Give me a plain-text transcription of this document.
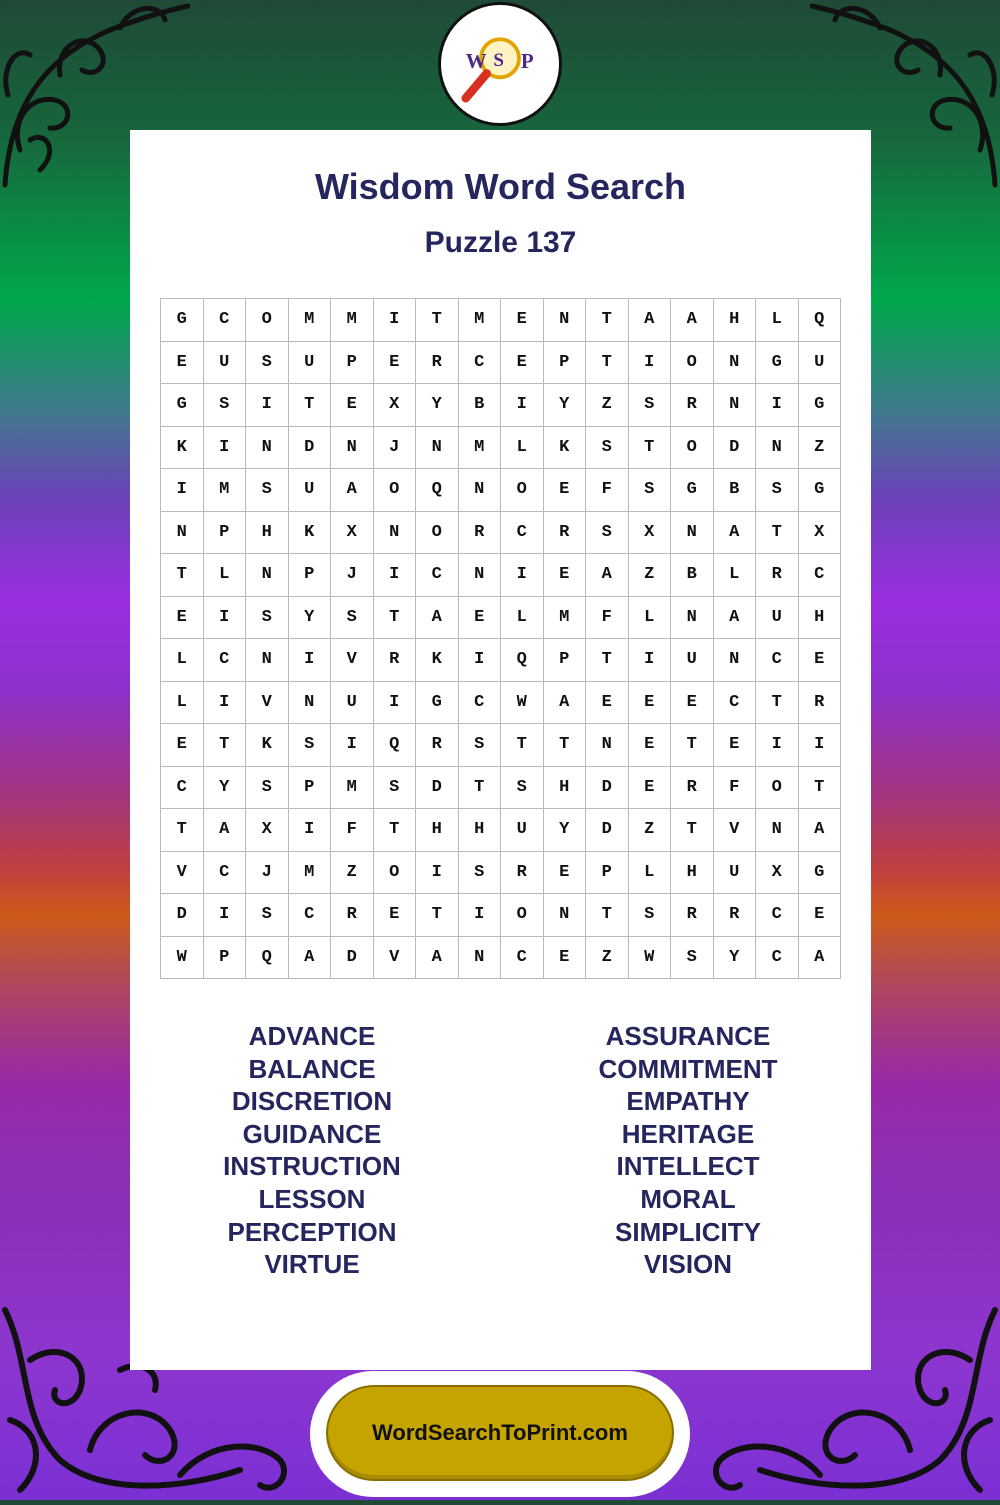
W S P
Wisdom Word Search
Puzzle 137
G	C	O	M	M	I	T	M	E	N	T	A	A	H	L	Q
E	U	S	U	P	E	R	C	E	P	T	I	O	N	G	U
G	S	I	T	E	X	Y	B	I	Y	Z	S	R	N	I	G
K	I	N	D	N	J	N	M	L	K	S	T	O	D	N	Z
I	M	S	U	A	O	Q	N	O	E	F	S	G	B	S	G
N	P	H	K	X	N	O	R	C	R	S	X	N	A	T	X
T	L	N	P	J	I	C	N	I	E	A	Z	B	L	R	C
E	I	S	Y	S	T	A	E	L	M	F	L	N	A	U	H
L	C	N	I	V	R	K	I	Q	P	T	I	U	N	C	E
L	I	V	N	U	I	G	C	W	A	E	E	E	C	T	R
E	T	K	S	I	Q	R	S	T	T	N	E	T	E	I	I
C	Y	S	P	M	S	D	T	S	H	D	E	R	F	O	T
T	A	X	I	F	T	H	H	U	Y	D	Z	T	V	N	A
V	C	J	M	Z	O	I	S	R	E	P	L	H	U	X	G
D	I	S	C	R	E	T	I	O	N	T	S	R	R	C	E
W	P	Q	A	D	V	A	N	C	E	Z	W	S	Y	C	A
ADVANCE
BALANCE
DISCRETION
GUIDANCE
INSTRUCTION
LESSON
PERCEPTION
VIRTUE
ASSURANCE
COMMITMENT
EMPATHY
HERITAGE
INTELLECT
MORAL
SIMPLICITY
VISION
WordSearchToPrint.com
